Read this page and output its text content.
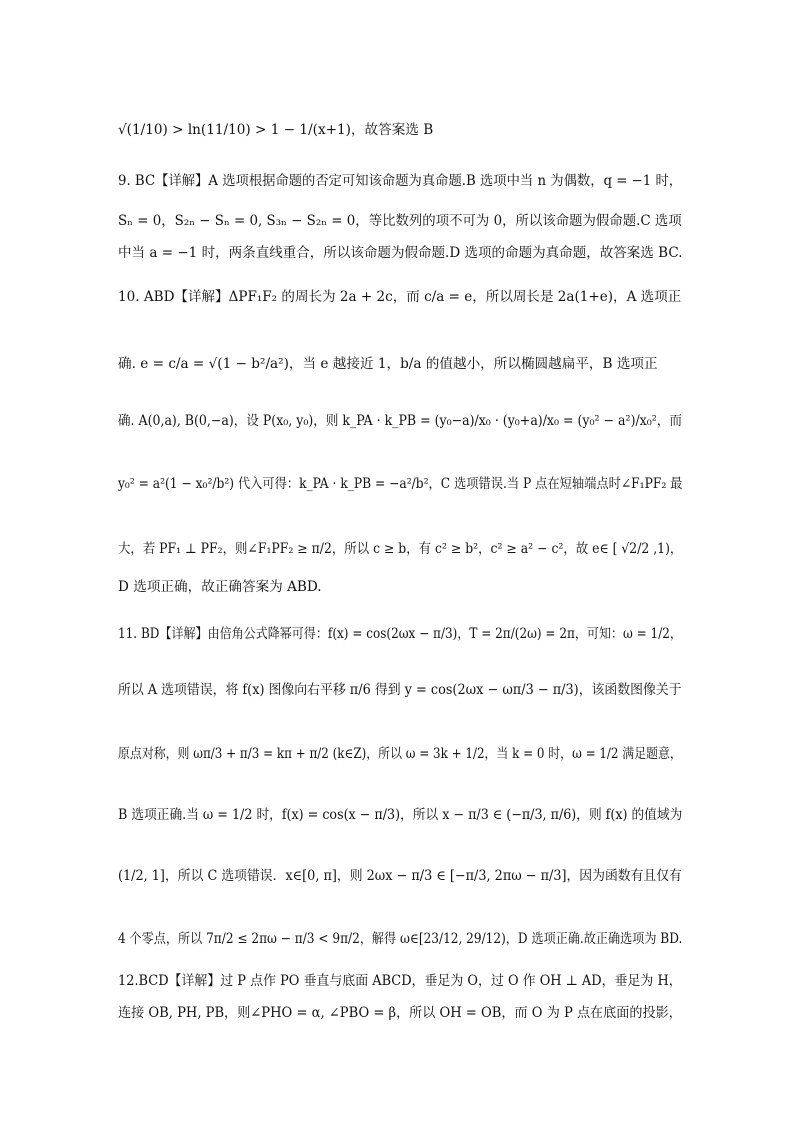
√(1/10) > ln(11/10) > 1 − 1/(x+1)，故答案选 B
9. BC【详解】A 选项根据命题的否定可知该命题为真命题.B 选项中当 n 为偶数，q = −1 时，
Sₙ = 0，S₂ₙ − Sₙ = 0, S₃ₙ − S₂ₙ = 0，等比数列的项不可为 0，所以该命题为假命题.C 选项
中当 a = −1 时，两条直线重合，所以该命题为假命题.D 选项的命题为真命题，故答案选 BC.
10. ABD【详解】ΔPF₁F₂ 的周长为 2a + 2c，而 c/a = e，所以周长是 2a(1+e)，A 选项正
确. e = c/a = √(1 − b²/a²)，当 e 越接近 1，b/a 的值越小，所以椭圆越扁平，B 选项正
确. A(0,a), B(0,−a)，设 P(x₀, y₀)，则 k_PA · k_PB = (y₀−a)/x₀ · (y₀+a)/x₀ = (y₀² − a²)/x₀²，而
y₀² = a²(1 − x₀²/b²) 代入可得：k_PA · k_PB = −a²/b²，C 选项错误.当 P 点在短轴端点时∠F₁PF₂ 最
大，若 PF₁ ⊥ PF₂，则∠F₁PF₂ ≥ π/2，所以 c ≥ b，有 c² ≥ b²，c² ≥ a² − c²，故 e∈ [ √2/2 ,1)，
D 选项正确，故正确答案为 ABD.
11. BD【详解】由倍角公式降幂可得：f(x) = cos(2ωx − π/3)，T = 2π/(2ω) = 2π，可知：ω = 1/2，
所以 A 选项错误，将 f(x) 图像向右平移 π/6 得到 y = cos(2ωx − ωπ/3 − π/3)，该函数图像关于
原点对称，则 ωπ/3 + π/3 = kπ + π/2 (k∈Z)，所以 ω = 3k + 1/2，当 k = 0 时，ω = 1/2 满足题意，
B 选项正确.当 ω = 1/2 时，f(x) = cos(x − π/3)，所以 x − π/3 ∈ (−π/3, π/6)，则 f(x) 的值域为
(1/2, 1]，所以 C 选项错误．x∈[0, π]，则 2ωx − π/3 ∈ [−π/3, 2πω − π/3]，因为函数有且仅有
4 个零点，所以 7π/2 ≤ 2πω − π/3 < 9π/2，解得 ω∈[23/12, 29/12)，D 选项正确.故正确选项为 BD.
12.BCD【详解】过 P 点作 PO 垂直与底面 ABCD，垂足为 O，过 O 作 OH ⊥ AD，垂足为 H，
连接 OB, PH, PB，则∠PHO = α, ∠PBO = β，所以 OH = OB，而 O 为 P 点在底面的投影，
